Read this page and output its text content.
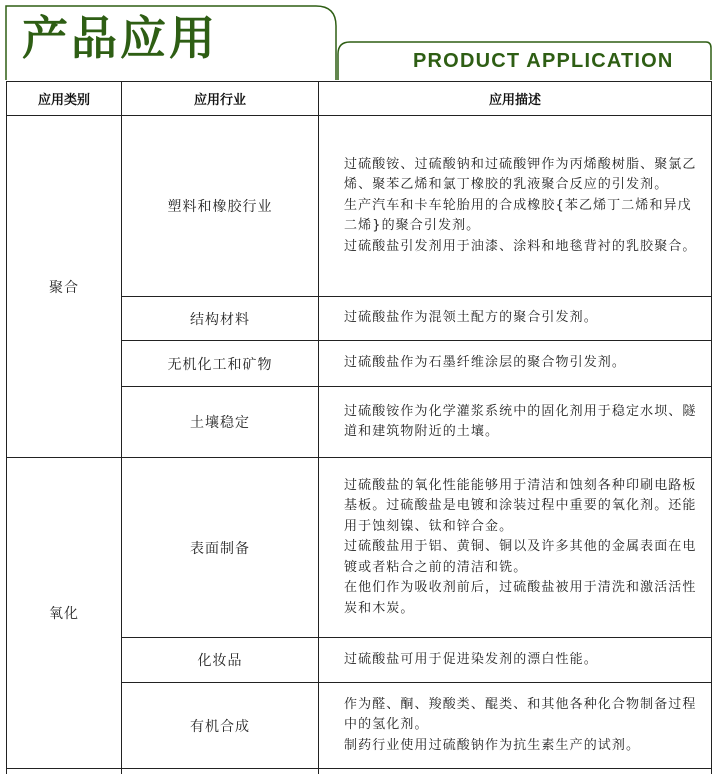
产品应用	PRODUCT APPLICATION
应用类别	应用行业	应用描述
聚合	塑料和橡胶行业	过硫酸铵、过硫酸钠和过硫酸钾作为丙烯酸树脂、聚氯乙烯、聚苯乙烯和氯丁橡胶的乳液聚合反应的引发剂。
生产汽车和卡车轮胎用的合成橡胶{苯乙烯丁二烯和异戊二烯}的聚合引发剂。
过硫酸盐引发剂用于油漆、涂料和地毯背衬的乳胶聚合。

	结构材料	过硫酸盐作为混领土配方的聚合引发剂。

	无机化工和矿物	过硫酸盐作为石墨纤维涂层的聚合物引发剂。

	土壤稳定	过硫酸铵作为化学灌浆系统中的固化剂用于稳定水坝、隧道和建筑物附近的土壤。

氧化	表面制备	过硫酸盐的氧化性能能够用于清洁和蚀刻各种印刷电路板基板。过硫酸盐是电镀和涂装过程中重要的氧化剂。还能用于蚀刻镍、钛和锌合金。
过硫酸盐用于铝、黄铜、铜以及许多其他的金属表面在电镀或者粘合之前的清洁和铣。
在他们作为吸收剂前后，过硫酸盐被用于清洗和激活活性炭和木炭。

	化妆品	过硫酸盐可用于促进染发剂的漂白性能。

	有机合成	作为醛、酮、羧酸类、醌类、和其他各种化合物制备过程中的氢化剂。
制药行业使用过硫酸钠作为抗生素生产的试剂。
